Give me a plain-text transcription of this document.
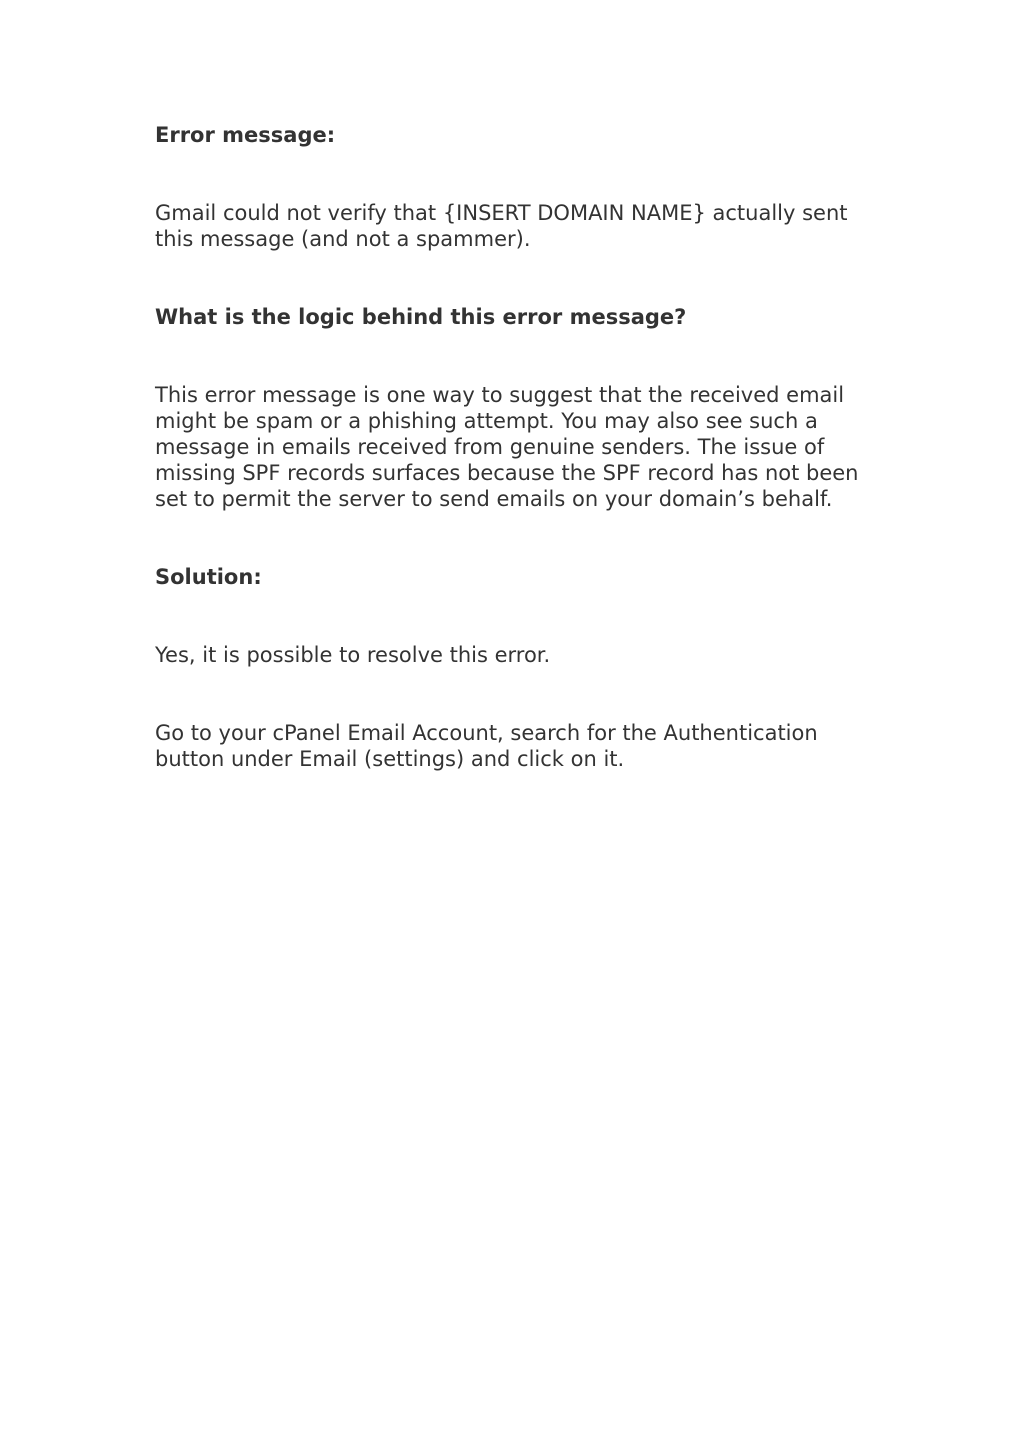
Error message:

Gmail could not verify that {INSERT DOMAIN NAME} actually sent this message (and not a spammer).

What is the logic behind this error message?

This error message is one way to suggest that the received email might be spam or a phishing attempt. You may also see such a message in emails received from genuine senders. The issue of missing SPF records surfaces because the SPF record has not been set to permit the server to send emails on your domain’s behalf.

Solution:

Yes, it is possible to resolve this error.

Go to your cPanel Email Account, search for the Authentication button under Email (settings) and click on it.
